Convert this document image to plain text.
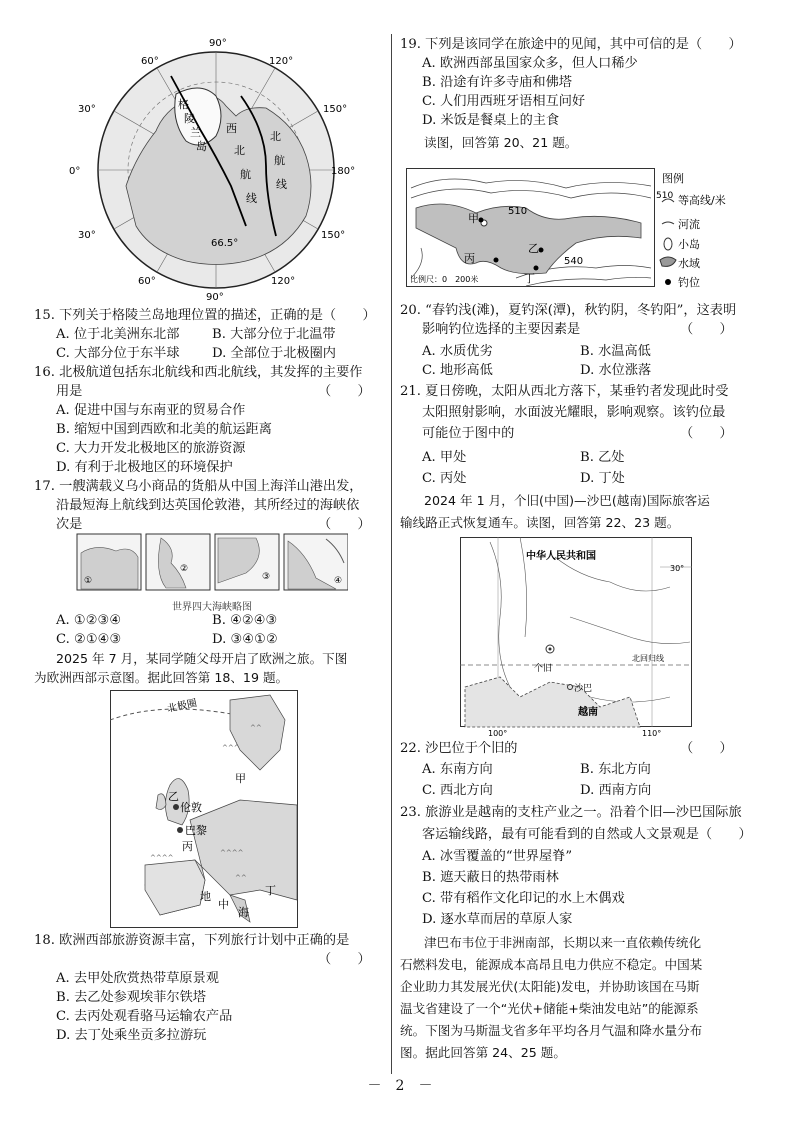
90°
60°	120°
30°	150°
0°	180°
30°	150°
60°	120°
90°
66.5°
格
陵
兰
岛
西
北
航
线
北
航
线
15. 下列关于格陵兰岛地理位置的描述，正确的是（　　）
A. 位于北美洲东北部 B. 大部分位于北温带
C. 大部分位于东半球 D. 全部位于北极圈内
16. 北极航道包括东北航线和西北航线，其发挥的主要作
用是	（　　）
A. 促进中国与东南亚的贸易合作
B. 缩短中国到西欧和北美的航运距离
C. 大力开发北极地区的旅游资源
D. 有利于北极地区的环境保护
17. 一艘满载义乌小商品的货船从中国上海洋山港出发，
沿最短海上航线到达英国伦敦港，其所经过的海峡依
次是	（　　）
①
②
③	④
世界四大海峡略图
A. ①②③④	B. ④②④③
C. ②①④③	D. ③④①②
2025 年 7 月，某同学随父母开启了欧洲之旅。下图
为欧洲西部示意图。据此回答第 18、19 题。
^^^
^^
^^^^
^^^^
^^
北极圈
伦敦
巴黎
甲
乙
丙
丁
地
中
海
18. 欧洲西部旅游资源丰富，下列旅行计划中正确的是
（　　）
A. 去甲处欣赏热带草原景观
B. 去乙处参观埃菲尔铁塔
C. 去丙处观看骆马运输农产品
D. 去丁处乘坐贡多拉游玩
19. 下列是该同学在旅途中的见闻，其中可信的是（　　）
A. 欧洲西部虽国家众多，但人口稀少
B. 沿途有许多寺庙和佛塔
C. 人们用西班牙语相互问好
D. 米饭是餐桌上的主食
读图，回答第 20、21 题。
510
540
甲
乙
丙
丁
比例尺：0　200米
图例
510 等高线/米
河流
小岛
水域
钓位
20. “春钓浅(滩)，夏钓深(潭)，秋钓阴，冬钓阳”，这表明
影响钓位选择的主要因素是	（　　）
A. 水质优劣	B. 水温高低
C. 地形高低	D. 水位涨落
21. 夏日傍晚，太阳从西北方落下，某垂钓者发现此时受
太阳照射影响，水面波光耀眼，影响观察。该钓位最
可能位于图中的	（　　）
A. 甲处	B. 乙处
C. 丙处	D. 丁处
2024 年 1 月，个旧(中国)—沙巴(越南)国际旅客运
输线路正式恢复通车。读图，回答第 22、23 题。
中华人民共和国
30°
北回归线
个旧
沙巴
越南
100°	110°
22. 沙巴位于个旧的	（　　）
A. 东南方向	B. 东北方向
C. 西北方向	D. 西南方向
23. 旅游业是越南的支柱产业之一。沿着个旧—沙巴国际旅
客运输线路，最有可能看到的自然或人文景观是（　　）
A. 冰雪覆盖的“世界屋脊”
B. 遮天蔽日的热带雨林
C. 带有稻作文化印记的水上木偶戏
D. 逐水草而居的草原人家
津巴布韦位于非洲南部，长期以来一直依赖传统化
石燃料发电，能源成本高昂且电力供应不稳定。中国某
企业助力其发展光伏(太阳能)发电，并协助该国在马斯
温戈省建设了一个“光伏+储能+柴油发电站”的能源系
统。下图为马斯温戈省多年平均各月气温和降水量分布
图。据此回答第 24、25 题。
－　2　－
